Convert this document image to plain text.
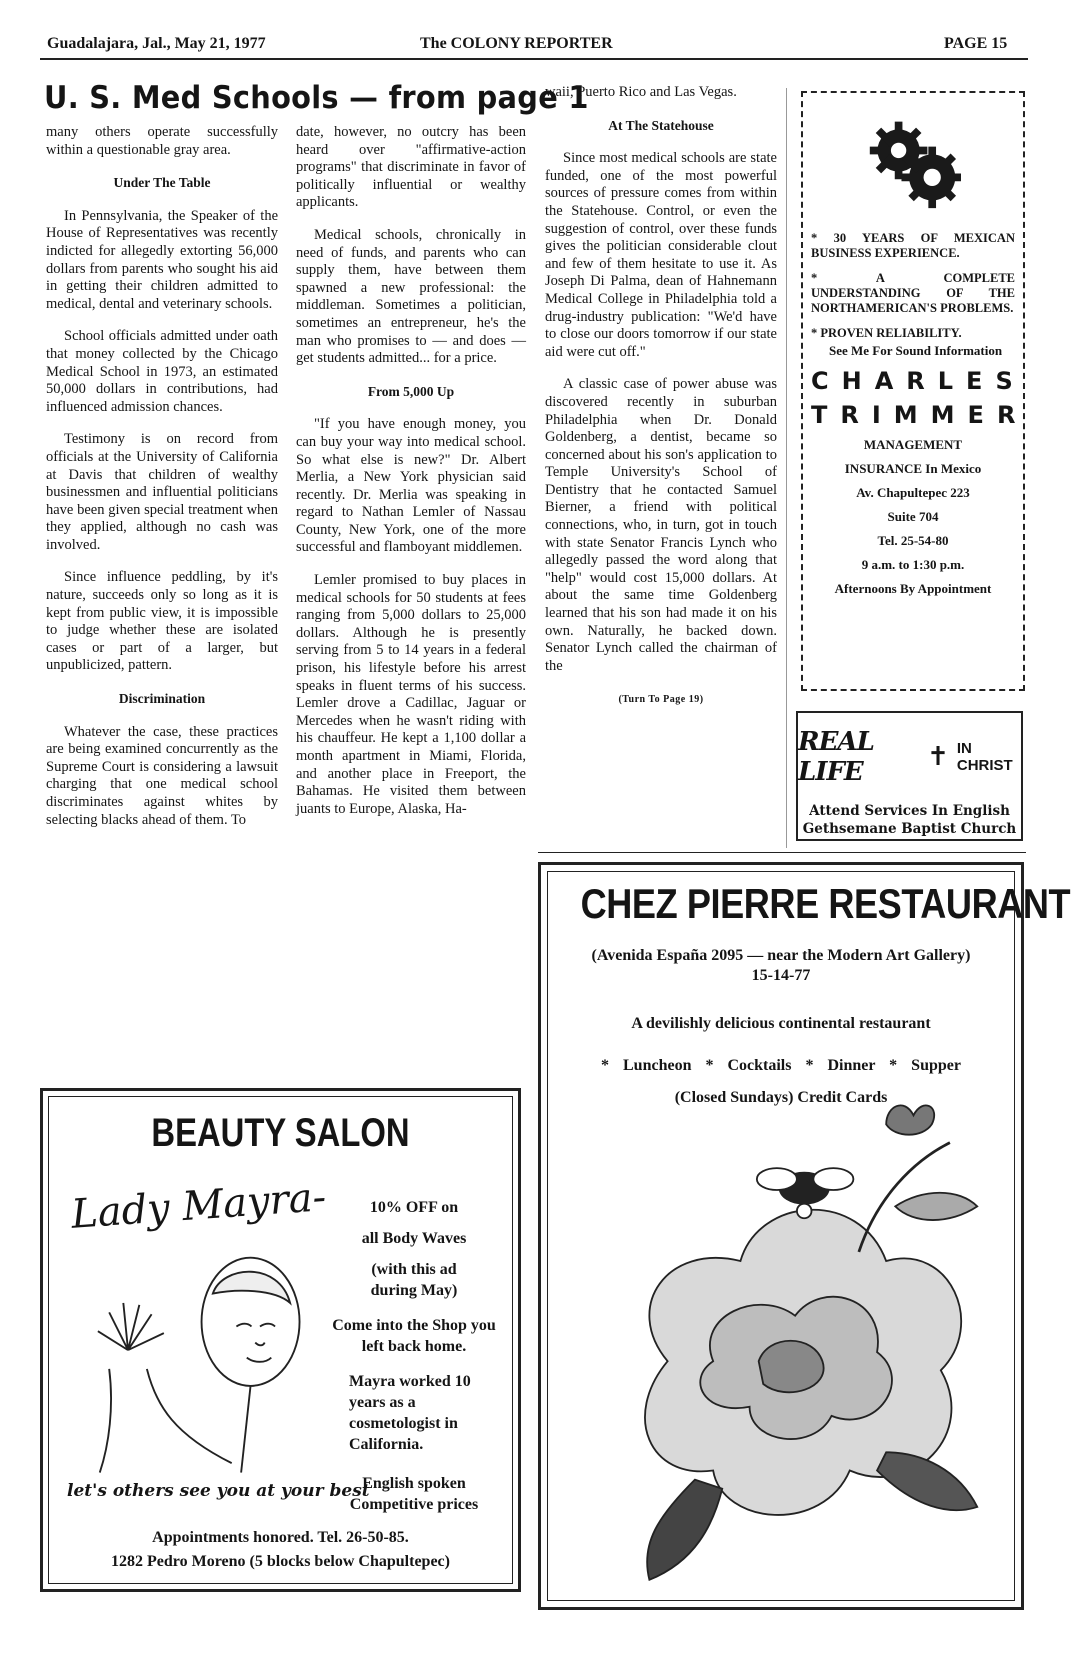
Guadalajara, Jal., May 21, 1977	The COLONY REPORTER	PAGE 15
U. S. Med Schools — from page 1

many others operate successfully within a questionable gray area.

Under The Table

In Pennsylvania, the Speaker of the House of Representatives was recently indicted for allegedly extorting 56,000 dollars from parents who sought his aid in getting their children admitted to medical, dental and veterinary schools.

School officials admitted under oath that money collected by the Chicago Medical School in 1973, an estimated 50,000 dollars in contributions, had influenced admission chances.

Testimony is on record from officials at the University of California at Davis that children of wealthy businessmen and influential politicians have been given special treatment when they applied, although no cash was involved.

Since influence peddling, by it's nature, succeeds only so long as it is kept from public view, it is impossible to judge whether these are isolated cases or part of a larger, but unpublicized, pattern.

Discrimination

Whatever the case, these practices are being examined concurrently as the Supreme Court is considering a lawsuit charging that one medical school discriminates against whites by selecting blacks ahead of them. To

date, however, no outcry has been heard over "affirmative-action programs" that discriminate in favor of politically influential or wealthy applicants.

Medical schools, chronically in need of funds, and parents who can supply them, have between them spawned a new professional: the middleman. Sometimes a politician, sometimes an entrepreneur, he's the man who promises to — and does — get students admitted... for a price.

From 5,000 Up

"If you have enough money, you can buy your way into medical school. So what else is new?" Dr. Albert Merlia, a New York physician said recently. Dr. Merlia was speaking in regard to Nathan Lemler of Nassau County, New York, one of the more successful and flamboyant middlemen.

Lemler promised to buy places in medical schools for 50 students at fees ranging from 5,000 dollars to 25,000 dollars. Although he is presently serving from 5 to 14 years in a federal prison, his lifestyle before his arrest speaks in fluent terms of his success. Lemler drove a Cadillac, Jaguar or Mercedes when he wasn't riding with his chauffeur. He kept a 1,100 dollar a month apartment in Miami, Florida, and another place in Freeport, the Bahamas. He visited them between juants to Europe, Alaska, Ha-

waii, Puerto Rico and Las Vegas.

At The Statehouse

Since most medical schools are state funded, one of the most powerful sources of pressure comes from within the Statehouse. Control, or even the suggestion of control, over these funds gives the politician considerable clout and few of them hesitate to use it. As Joseph Di Palma, dean of Hahnemann Medical College in Philadelphia told a drug-industry publication: "We'd have to close our doors tomorrow if our state aid were cut off."

A classic case of power abuse was discovered recently in suburban Philadelphia when Dr. Donald Goldenberg, a dentist, became so concerned about his son's application to Temple University's School of Dentistry that he contacted Samuel Bierner, a friend with political connections, who, in turn, got in touch with state Senator Francis Lynch who allegedly passed the word along that "help" would cost 15,000 dollars. At about the same time Goldenberg learned that his son had made it on his own. Naturally, he backed down. Senator Lynch called the chairman of the

(Turn To Page 19)
* 30 YEARS OF MEXICAN BUSINESS EXPERIENCE.
* A COMPLETE UNDERSTANDING OF THE NORTHAMERICAN'S PROBLEMS.
* PROVEN RELIABILITY.
See Me For Sound Information
CHARLES
TRIMMER
MANAGEMENT
INSURANCE In Mexico
Av. Chapultepec 223
Suite 704
Tel. 25-54-80
9 a.m. to 1:30 p.m.
Afternoons By Appointment
REAL LIFE	✝ IN CHRIST
Attend Services In English
Gethsemane Baptist Church
CHEZ PIERRE RESTAURANT
(Avenida España 2095 — near the Modern Art Gallery) 15-14-77
A devilishly delicious continental restaurant
* Luncheon * Cocktails * Dinner * Supper
(Closed Sundays) Credit Cards
BEAUTY SALON
Lady Mayra-	10% OFF on
all Body Waves
(with this ad during May)
Come into the Shop you left back home.
Mayra worked 10 years as a cosmetologist in California.
English spoken
Competitive prices
let's others see you at your best
Appointments honored. Tel. 26-50-85.
1282 Pedro Moreno (5 blocks below Chapultepec)
